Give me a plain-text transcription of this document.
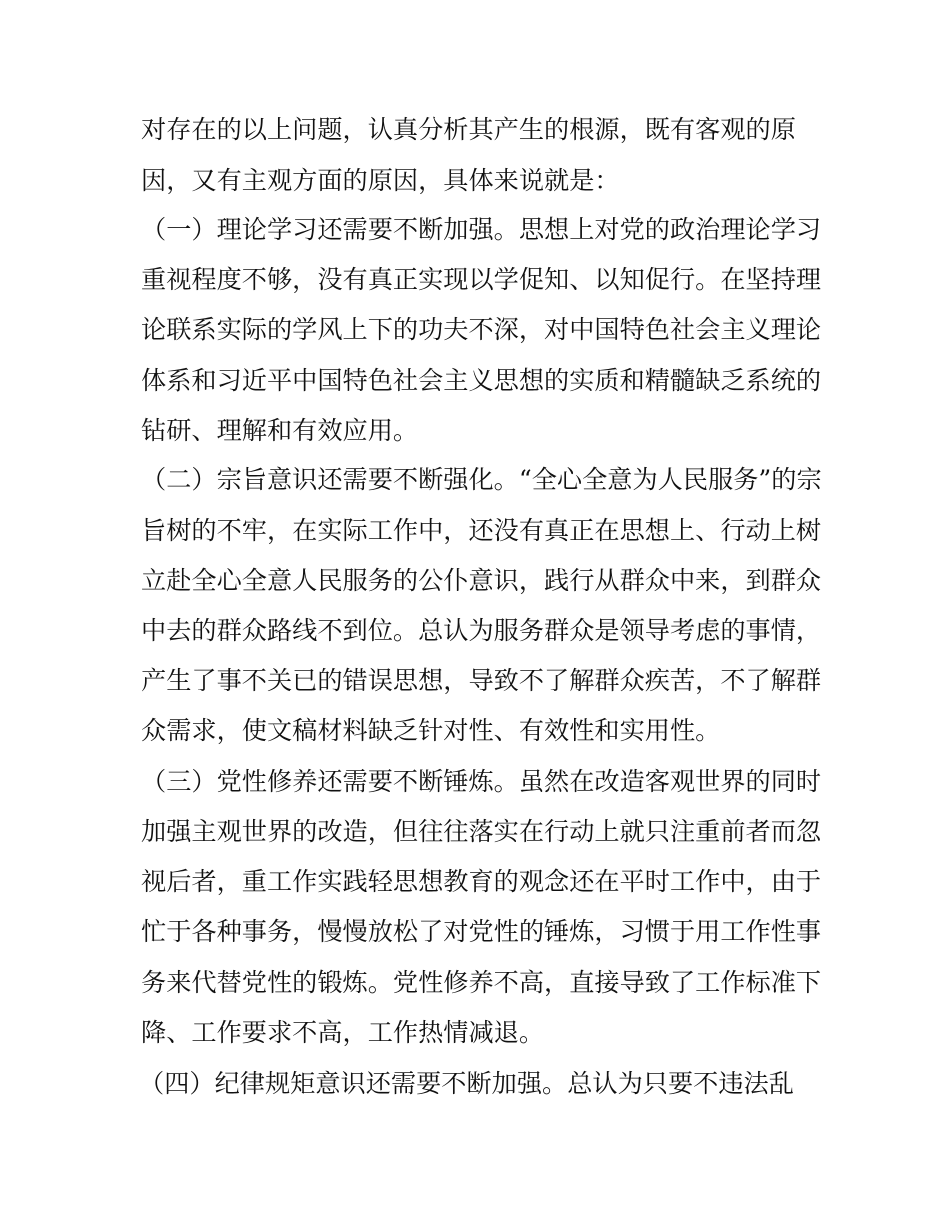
对存在的以上问题，认真分析其产生的根源，既有客观的原
因，又有主观方面的原因，具体来说就是：
（一）理论学习还需要不断加强。思想上对党的政治理论学习
重视程度不够，没有真正实现以学促知、以知促行。在坚持理
论联系实际的学风上下的功夫不深，对中国特色社会主义理论
体系和习近平中国特色社会主义思想的实质和精髓缺乏系统的
钻研、理解和有效应用。
（二）宗旨意识还需要不断强化。“全心全意为人民服务”的宗
旨树的不牢，在实际工作中，还没有真正在思想上、行动上树
立赴全心全意人民服务的公仆意识，践行从群众中来，到群众
中去的群众路线不到位。总认为服务群众是领导考虑的事情，
产生了事不关已的错误思想，导致不了解群众疾苦，不了解群
众需求，使文稿材料缺乏针对性、有效性和实用性。
（三）党性修养还需要不断锤炼。虽然在改造客观世界的同时
加强主观世界的改造，但往往落实在行动上就只注重前者而忽
视后者，重工作实践轻思想教育的观念还在平时工作中，由于
忙于各种事务，慢慢放松了对党性的锤炼，习惯于用工作性事
务来代替党性的锻炼。党性修养不高，直接导致了工作标准下
降、工作要求不高，工作热情减退。
（四）纪律规矩意识还需要不断加强。总认为只要不违法乱
